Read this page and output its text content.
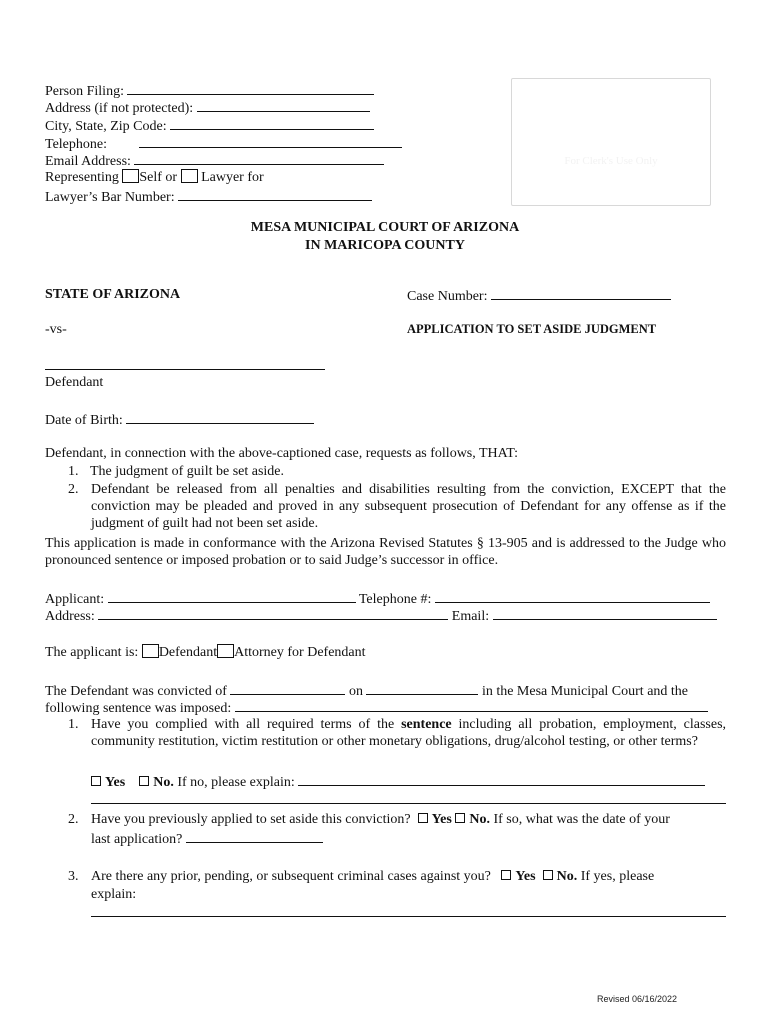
Person Filing:
Address (if not protected):
City, State, Zip Code:
Telephone:
Email Address:
Representing Self or Lawyer for
Lawyer’s Bar Number:
For Clerk's Use Only
MESA MUNICIPAL COURT OF ARIZONA
IN MARICOPA COUNTY
STATE OF ARIZONA	Case Number:
-vs-	APPLICATION TO SET ASIDE JUDGMENT
Defendant
Date of Birth:
Defendant, in connection with the above-captioned case, requests as follows, THAT:
1. The judgment of guilt be set aside.
2. Defendant be released from all penalties and disabilities resulting from the conviction, EXCEPT that the conviction may be pleaded and proved in any subsequent prosecution of Defendant for any offense as if the judgment of guilt had not been set aside.
This application is made in conformance with the Arizona Revised Statutes § 13-905 and is addressed to the Judge who pronounced sentence or imposed probation or to said Judge’s successor in office.
Applicant:	Telephone #:
Address:	Email:
The applicant is: Defendant Attorney for Defendant
The Defendant was convicted of	on	in the Mesa Municipal Court and the
following sentence was imposed:
1. Have you complied with all required terms of the sentence including all probation, employment, classes, community restitution, victim restitution or other monetary obligations, drug/alcohol testing, or other terms?
Yes No. If no, please explain:
2. Have you previously applied to set aside this conviction? Yes No. If so, what was the date of your
last application?
3. Are there any prior, pending, or subsequent criminal cases against you? Yes No. If yes, please
explain:
Revised 06/16/2022
